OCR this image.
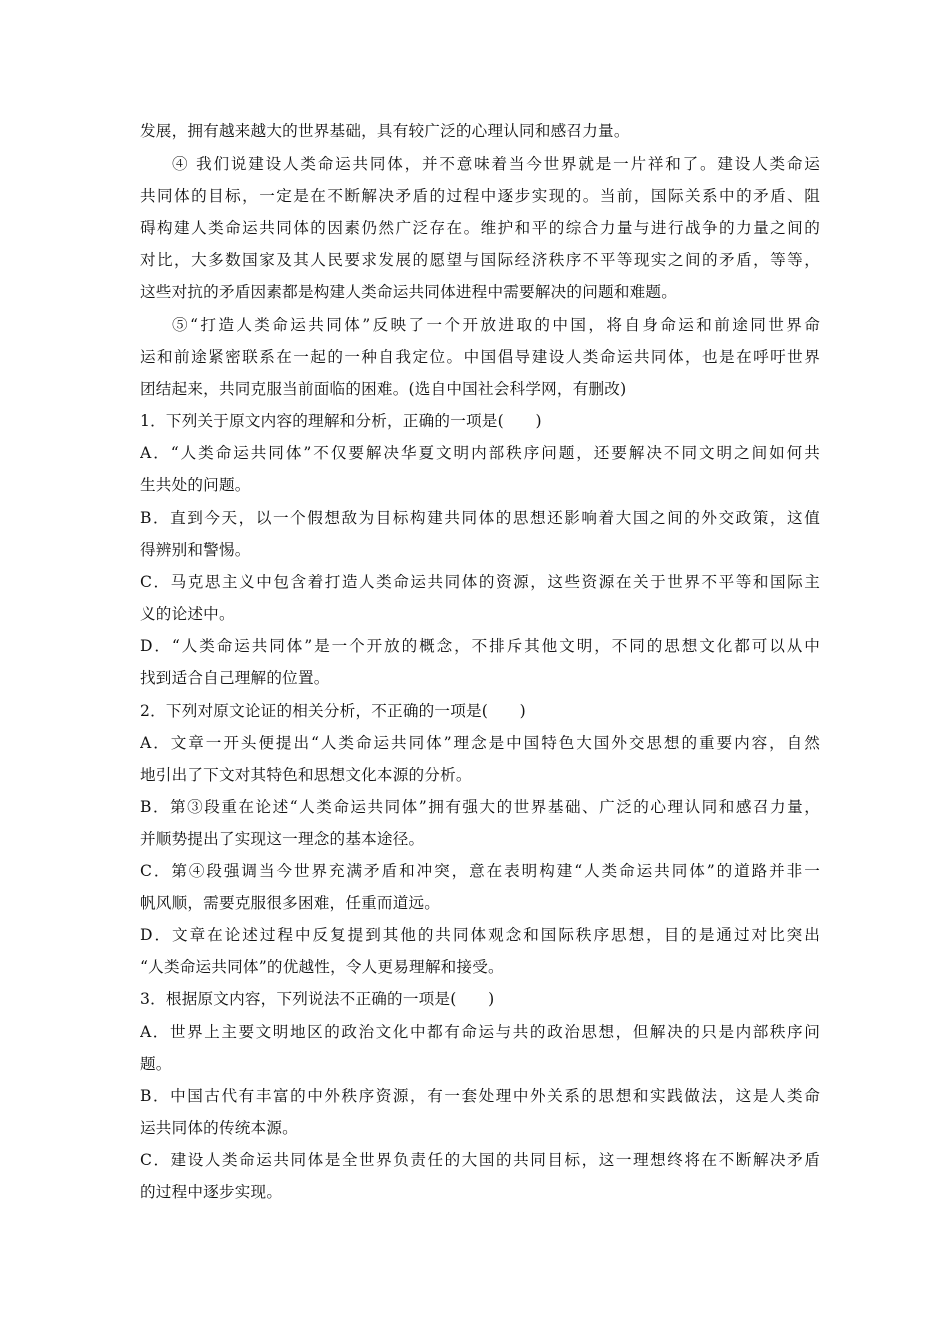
发展，拥有越来越大的世界基础，具有较广泛的心理认同和感召力量。
④ 我们说建设人类命运共同体，并不意味着当今世界就是一片祥和了。建设人类命运
共同体的目标，一定是在不断解决矛盾的过程中逐步实现的。当前，国际关系中的矛盾、阻
碍构建人类命运共同体的因素仍然广泛存在。维护和平的综合力量与进行战争的力量之间的
对比，大多数国家及其人民要求发展的愿望与国际经济秩序不平等现实之间的矛盾，等等，
这些对抗的矛盾因素都是构建人类命运共同体进程中需要解决的问题和难题。
⑤“打造人类命运共同体”反映了一个开放进取的中国，将自身命运和前途同世界命
运和前途紧密联系在一起的一种自我定位。中国倡导建设人类命运共同体，也是在呼吁世界
团结起来，共同克服当前面临的困难。(选自中国社会科学网，有删改)
1．下列关于原文内容的理解和分析，正确的一项是(　　)
A．“人类命运共同体”不仅要解决华夏文明内部秩序问题，还要解决不同文明之间如何共
生共处的问题。
B．直到今天，以一个假想敌为目标构建共同体的思想还影响着大国之间的外交政策，这值
得辨别和警惕。
C．马克思主义中包含着打造人类命运共同体的资源，这些资源在关于世界不平等和国际主
义的论述中。
D．“人类命运共同体”是一个开放的概念，不排斥其他文明，不同的思想文化都可以从中
找到适合自己理解的位置。
2．下列对原文论证的相关分析，不正确的一项是(　　)
A．文章一开头便提出“人类命运共同体”理念是中国特色大国外交思想的重要内容，自然
地引出了下文对其特色和思想文化本源的分析。
B．第③段重在论述“人类命运共同体”拥有强大的世界基础、广泛的心理认同和感召力量，
并顺势提出了实现这一理念的基本途径。
C．第④段强调当今世界充满矛盾和冲突，意在表明构建“人类命运共同体”的道路并非一
帆风顺，需要克服很多困难，任重而道远。
D．文章在论述过程中反复提到其他的共同体观念和国际秩序思想，目的是通过对比突出
“人类命运共同体”的优越性，令人更易理解和接受。
3．根据原文内容，下列说法不正确的一项是(　　)
A．世界上主要文明地区的政治文化中都有命运与共的政治思想，但解决的只是内部秩序问
题。
B．中国古代有丰富的中外秩序资源，有一套处理中外关系的思想和实践做法，这是人类命
运共同体的传统本源。
C．建设人类命运共同体是全世界负责任的大国的共同目标，这一理想终将在不断解决矛盾
的过程中逐步实现。
